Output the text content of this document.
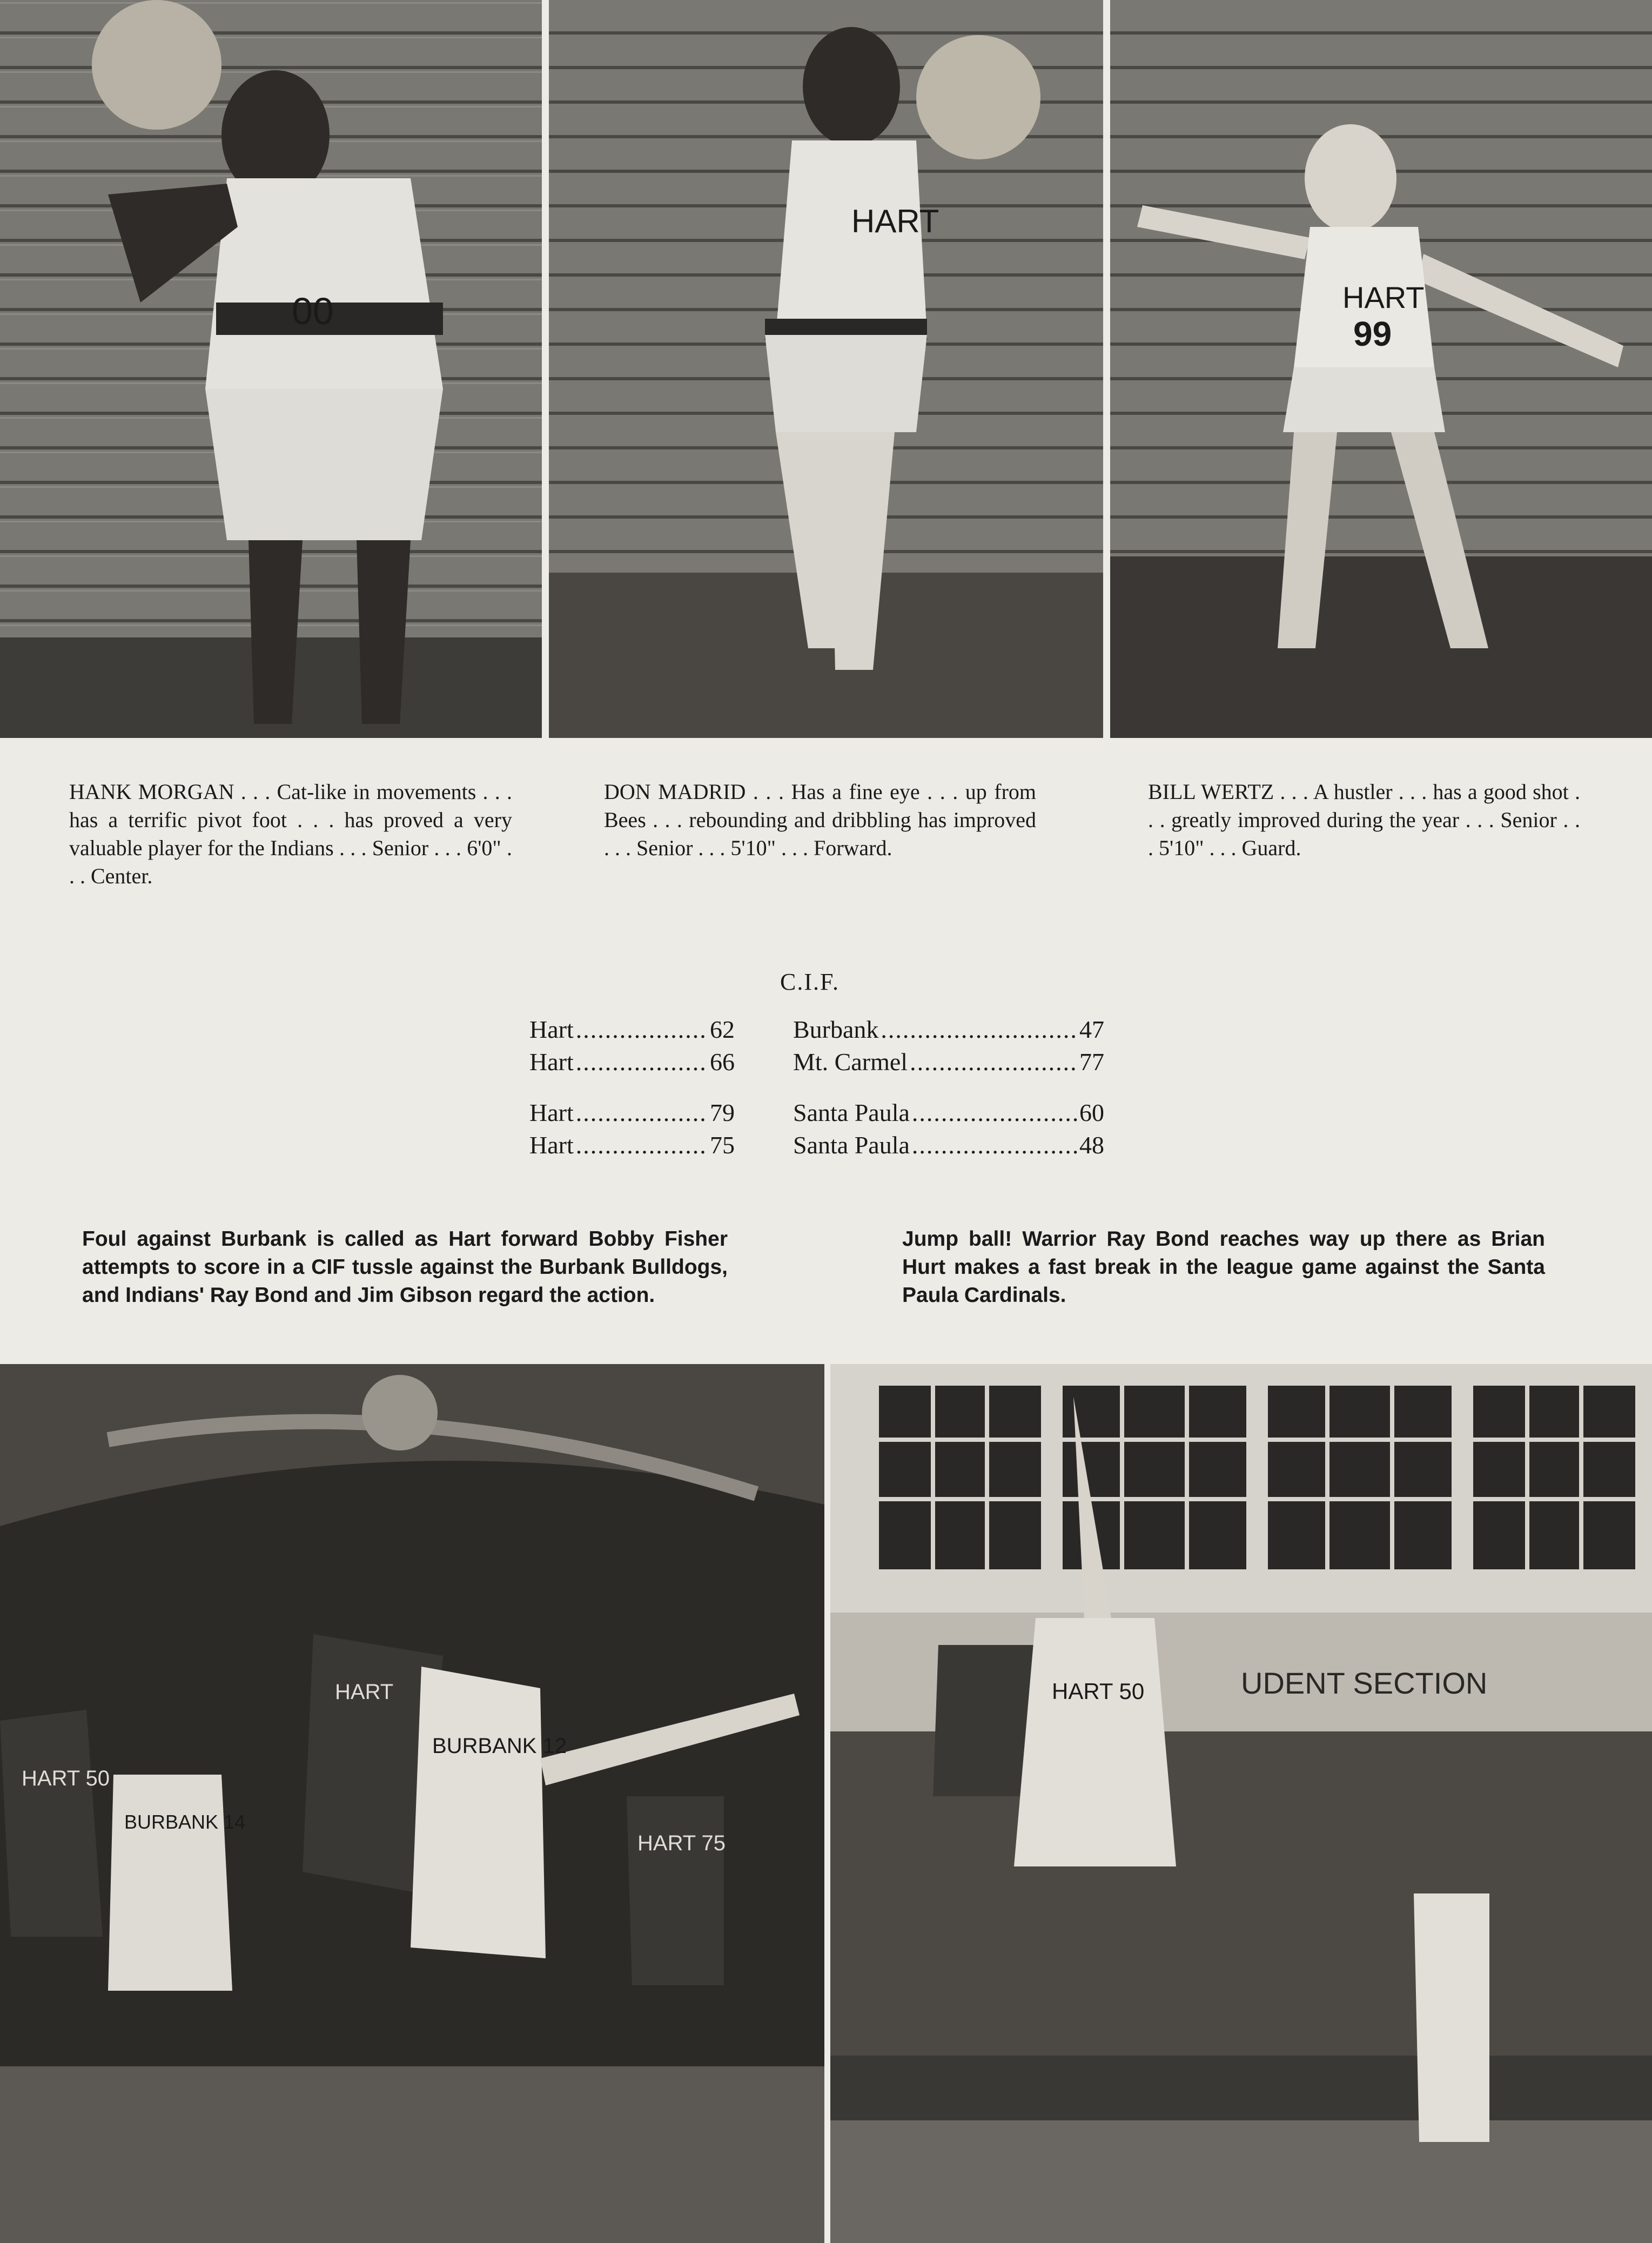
00
HART
HART
99
HANK MORGAN . . . Cat-like in movements . . . has a terrific pivot foot . . . has proved a very valuable player for the Indians . . . Senior . . . 6'0" . . . Center.
DON MADRID . . . Has a fine eye . . . up from Bees . . . rebounding and dribbling has improved . . . Senior . . . 5'10" . . . Forward.
BILL WERTZ . . . A hustler . . . has a good shot . . . greatly improved during the year . . . Senior . . . 5'10" . . . Guard.
C.I.F.
Hart .....	62 Burbank .....	47
Hart .....	66 Mt. Carmel .....	77
Hart .....	79 Santa Paula .....	60
Hart .....	75 Santa Paula .....	48
Foul against Burbank is called as Hart forward Bobby Fisher attempts to score in a CIF tussle against the Burbank Bulldogs, and Indians' Ray Bond and Jim Gibson regard the action.
Jump ball! Warrior Ray Bond reaches way up there as Brian Hurt makes a fast break in the league game against the Santa Paula Cardinals.
HART 50
BURBANK 14
HART
BURBANK 12
HART 75
UDENT SECTION
HART 50
